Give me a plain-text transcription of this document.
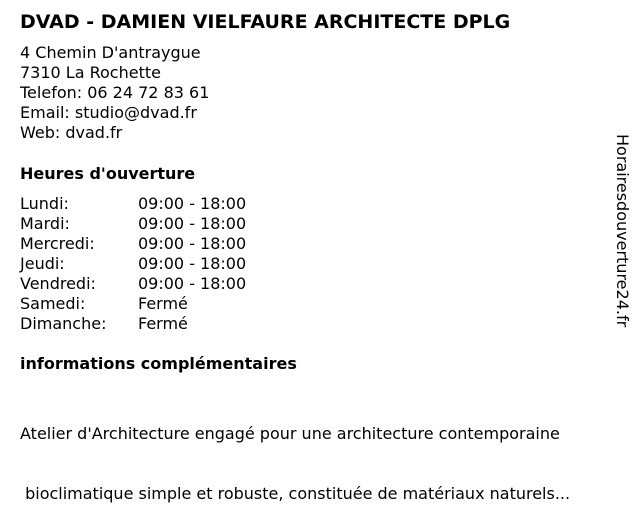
DVAD - DAMIEN VIELFAURE ARCHITECTE DPLG
4 Chemin D'antraygue
7310 La Rochette
Telefon: 06 24 72 83 61
Email: studio@dvad.fr
Web: dvad.fr
Heures d'ouverture
Lundi:	09:00 - 18:00
Mardi:	09:00 - 18:00
Mercredi:	09:00 - 18:00
Jeudi:	09:00 - 18:00
Vendredi:	09:00 - 18:00
Samedi:	Fermé
Dimanche: Fermé
informations complémentaires

Atelier d'Architecture engagé pour une architecture contemporaine

bioclimatique simple et robuste, constituée de matériaux naturels...

Horairesdouverture24.fr
